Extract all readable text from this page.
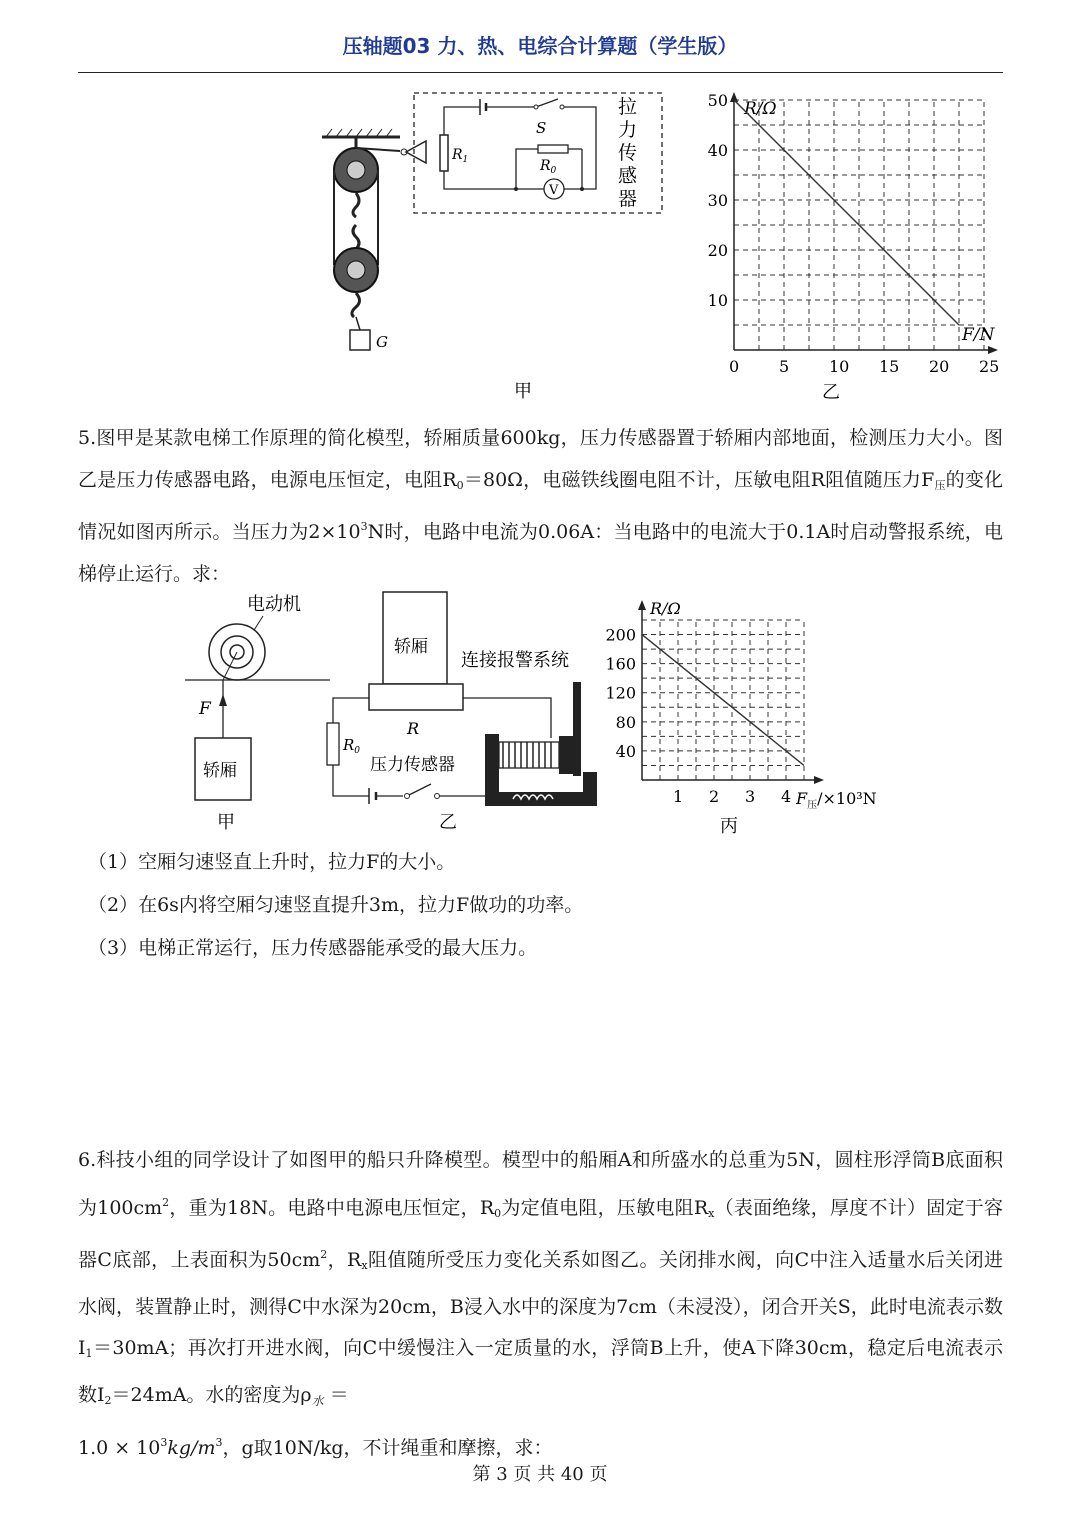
压轴题03 力、热、电综合计算题（学生版）
G
$R_1$
S
$R_0$
V
拉
力
传
感
器
甲
0 5 10 15 20 25
10
20
30
40
50 R/Ω
F/N
乙
5.图甲是某款电梯工作原理的简化模型，轿厢质量600kg，压力传感器置于轿厢内部地面，检测压力大小。图乙是压力传感器电路，电源电压恒定，电阻$R_0=80\Omega$，电磁铁线圈电阻不计，压敏电阻R阻值随压力$F_压$的变化情况如图丙所示。当压力为$2\times 10^3N$时，电路中电流为0.06A：当电路中的电流大于0.1A时启动警报系统，电梯停止运行。求：
电动机
F
轿厢
甲
轿厢
R
$R_0$
压力传感器
连接报警系统
乙
1 2 3 4
40
80
120
160
200
R/Ω
$F_压/\times 10^3N$
丙
（1）空厢匀速竖直上升时，拉力F的大小。
（2）在6s内将空厢匀速竖直提升3m，拉力F做功的功率。
（3）电梯正常运行，压力传感器能承受的最大压力。
6.科技小组的同学设计了如图甲的船只升降模型。模型中的船厢A和所盛水的总重为5N，圆柱形浮筒B底面积为$100cm^2$，重为18N。电路中电源电压恒定，$R_0$为定值电阻，压敏电阻$R_x$（表面绝缘，厚度不计）固定于容器C底部，上表面积为$50cm^2$，$R_x$阻值随所受压力变化关系如图乙。关闭排水阀，向C中注入适量水后关闭进水阀，装置静止时，测得C中水深为20cm，B浸入水中的深度为7cm（未浸没），闭合开关S，此时电流表示数$I_1=30mA$；再次打开进水阀，向C中缓慢注入一定质量的水，浮筒B上升，使A下降30cm，稳定后电流表示数$I_2=24mA$。水的密度为$\rho_水$ ＝
$1.0 \times 10^3kg/m^3$，g取10N/kg，不计绳重和摩擦，求：
第 3 页 共 40 页
